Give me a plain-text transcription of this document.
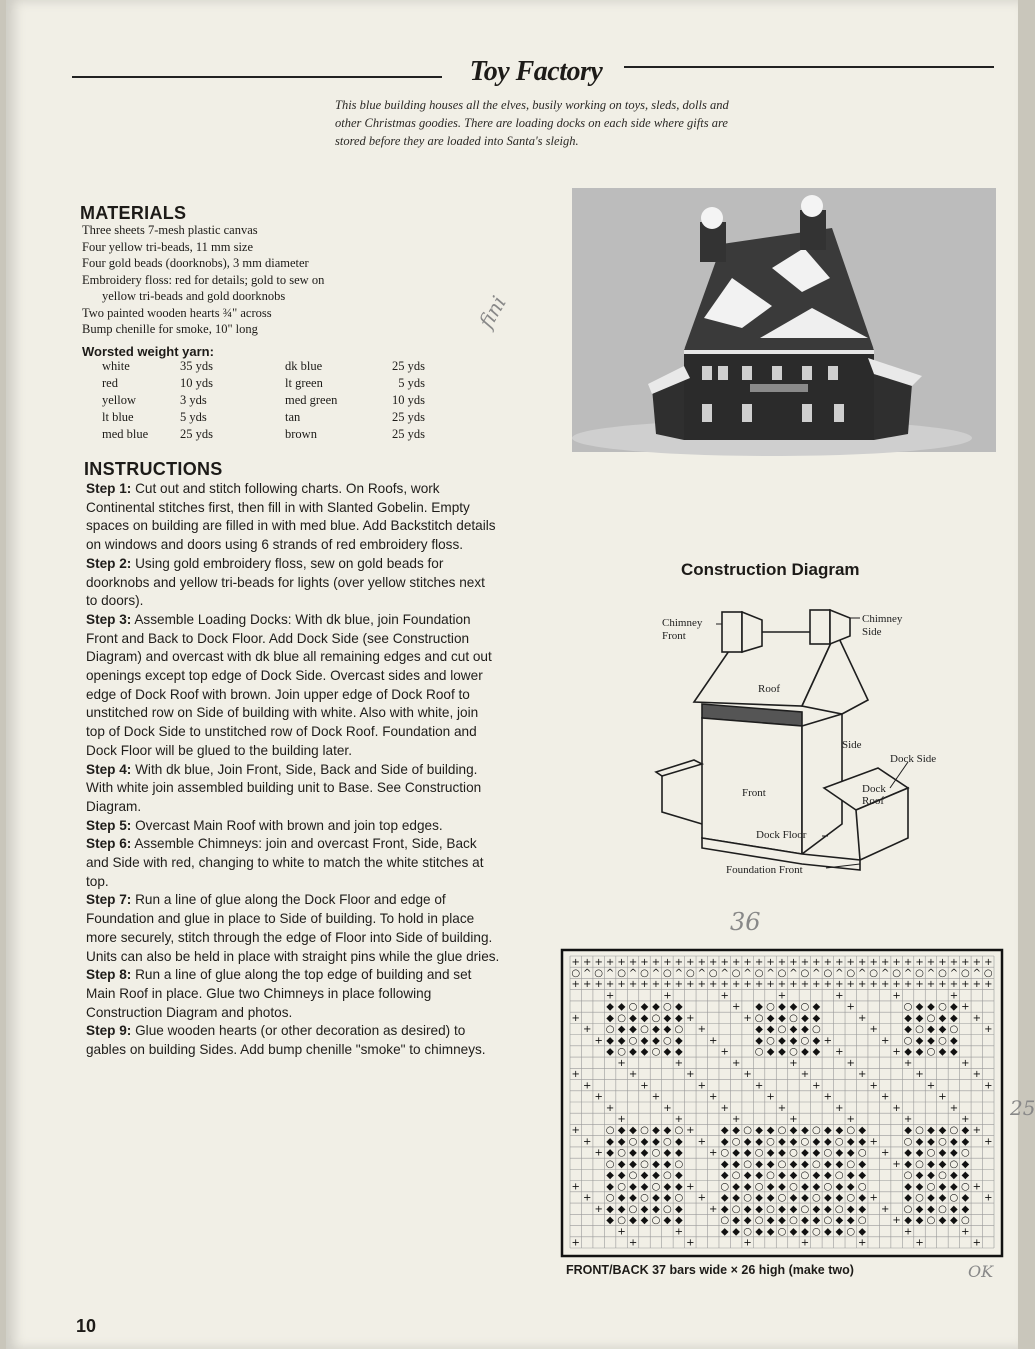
Toy Factory
This blue building houses all the elves, busily working on toys, sleds, dolls and other Christmas goodies. There are loading docks on each side where gifts are stored before they are loaded into Santa's sleigh.
MATERIALS
Three sheets 7-mesh plastic canvas
Four yellow tri-beads, 11 mm size
Four gold beads (doorknobs), 3 mm diameter
Embroidery floss: red for details; gold to sew on
yellow tri-beads and gold doorknobs
Two painted wooden hearts ¾" across
Bump chenille for smoke, 10" long
Worsted weight yarn:
white	35 yds	dk blue	25 yds
red	10 yds	lt green	5 yds
yellow	3 yds	med green	10 yds
lt blue	5 yds	tan	25 yds
med blue	25 yds	brown	25 yds
INSTRUCTIONS

Step 1: Cut out and stitch following charts. On Roofs, work Continental stitches first, then fill in with Slanted Gobelin. Empty spaces on building are filled in with med blue. Add Backstitch details on windows and doors using 6 strands of red embroidery floss.

Step 2: Using gold embroidery floss, sew on gold beads for doorknobs and yellow tri-beads for lights (over yellow stitches next to doors).

Step 3: Assemble Loading Docks: With dk blue, join Foundation Front and Back to Dock Floor. Add Dock Side (see Construction Diagram) and overcast with dk blue all remaining edges and cut out openings except top edge of Dock Side. Overcast sides and lower edge of Dock Roof with brown. Join upper edge of Dock Roof to unstitched row on Side of building with white. Also with white, join top of Dock Side to unstitched row of Dock Roof. Foundation and Dock Floor will be glued to the building later.

Step 4: With dk blue, Join Front, Side, Back and Side of building. With white join assembled building unit to Base. See Construction Diagram.

Step 5: Overcast Main Roof with brown and join top edges.

Step 6: Assemble Chimneys: join and overcast Front, Side, Back and Side with red, changing to white to match the white stitches at top.

Step 7: Run a line of glue along the Dock Floor and edge of Foundation and glue in place to Side of building. To hold in place more securely, stitch through the edge of Floor into Side of building. Units can also be held in place with straight pins while the glue dries.

Step 8: Run a line of glue along the top edge of building and set Main Roof in place. Glue two Chimneys in place following Construction Diagram and photos.

Step 9: Glue wooden hearts (or other decoration as desired) to gables on building Sides. Add bump chenille "smoke" to chimneys.

fini
Construction Diagram
Chimney
Front
Chimney
Side
Roof
Side
Dock Side
Front	Dock
Roof
Dock Floor
Foundation Front
36
25
+ + + + + + + + + + + + + + + + + + + + + + + + + + + + + + + + + + + + +
○ ^ ○ ^ ○ ^ ○ ^ ○ ^ ○ ^ ○ ^ ○ ^ ○ ^ ○ ^ ○ ^ ○ ^ ○ ^ ○ ^ ○ ^ ○ ^ ○ ^ ○ ^ ○
+ + + + + + + + + + + + + + + + + + + + + + + + + + + + + + + + + + + + +
+	+	+	+	+	+	+
◆ ◆ ○ ◆ ◆ ○ ◆	+ ◆ ○ ◆ ◆ ○ ◆	+	○ ◆ ◆ ○ ◆ +
+	◆ ○ ◆ ◆ ○ ◆ ◆ +	+ ○ ◆ ◆ ○ ◆ ◆	+	◆ ◆ ○ ◆ ◆ +
+ ○ ◆ ◆ ○ ◆ ◆ ○ +	◆ ◆ ○ ◆ ◆ ○	+	◆ ○ ◆ ◆ ○	+
+ ◆ ◆ ○ ◆ ◆ ○ ◆	+	◆ ○ ◆ ◆ ○ ◆ +	+ ○ ◆ ◆ ○ ◆
◆ ○ ◆ ◆ ○ ◆ ◆	+	○ ◆ ◆ ○ ◆ ◆ +	+ ◆ ◆ ○ ◆ ◆
+	+	+	+	+	+	+
+	+	+	+	+	+	+	+
+	+	+	+	+	+	+	+
+	+	+	+	+	+	+
+	+	+	+	+	+	+
+	+	+	+	+	+	+
+	○ ◆ ◆ ○ ◆ ◆ ○ +	◆ ◆ ○ ◆ ◆ ○ ◆ ◆ ○ ◆ ◆ ○ ◆	◆ ○ ◆ ◆ ○ ◆ +
+ ◆ ◆ ○ ◆ ◆ ○ ◆ + ◆ ○ ◆ ◆ ○ ◆ ◆ ○ ◆ ◆ ○ ◆ ◆ +	○ ◆ ◆ ○ ◆ ◆ +
+ ◆ ○ ◆ ◆ ○ ◆ ◆	+ ○ ◆ ◆ ○ ◆ ◆ ○ ◆ ◆ ○ ◆ ◆ ○ + ◆ ◆ ○ ◆ ◆ ○
○ ◆ ◆ ○ ◆ ◆ ○	◆ ◆ ○ ◆ ◆ ○ ◆ ◆ ○ ◆ ◆ ○ ◆	+ ◆ ○ ◆ ◆ ○ ◆
◆ ◆ ○ ◆ ◆ ○ ◆	◆ ○ ◆ ◆ ○ ◆ ◆ ○ ◆ ◆ ○ ◆ ◆	○ ◆ ◆ ○ ◆ ◆
+	◆ ○ ◆ ◆ ○ ◆ ◆ +	○ ◆ ◆ ○ ◆ ◆ ○ ◆ ◆ ○ ◆ ◆ ○	◆ ◆ ○ ◆ ◆ ○ +
+ ○ ◆ ◆ ○ ◆ ◆ ○ + ◆ ◆ ○ ◆ ◆ ○ ◆ ◆ ○ ◆ ◆ ○ ◆ +	◆ ○ ◆ ◆ ○ ◆ +
+ ◆ ◆ ○ ◆ ◆ ○ ◆	+ ◆ ○ ◆ ◆ ○ ◆ ◆ ○ ◆ ◆ ○ ◆ ◆ + ○ ◆ ◆ ○ ◆ ◆
◆ ○ ◆ ◆ ○ ◆ ◆	○ ◆ ◆ ○ ◆ ◆ ○ ◆ ◆ ○ ◆ ◆ ○	+ ◆ ◆ ○ ◆ ◆ ○
+	+	◆ ◆ ○ ◆ ◆ ○ ◆ ◆ ○ ◆ ◆ ○ ◆	+	+
+	+	+	+	+	+	+	+
FRONT/BACK 37 bars wide × 26 high (make two)	OK
10
